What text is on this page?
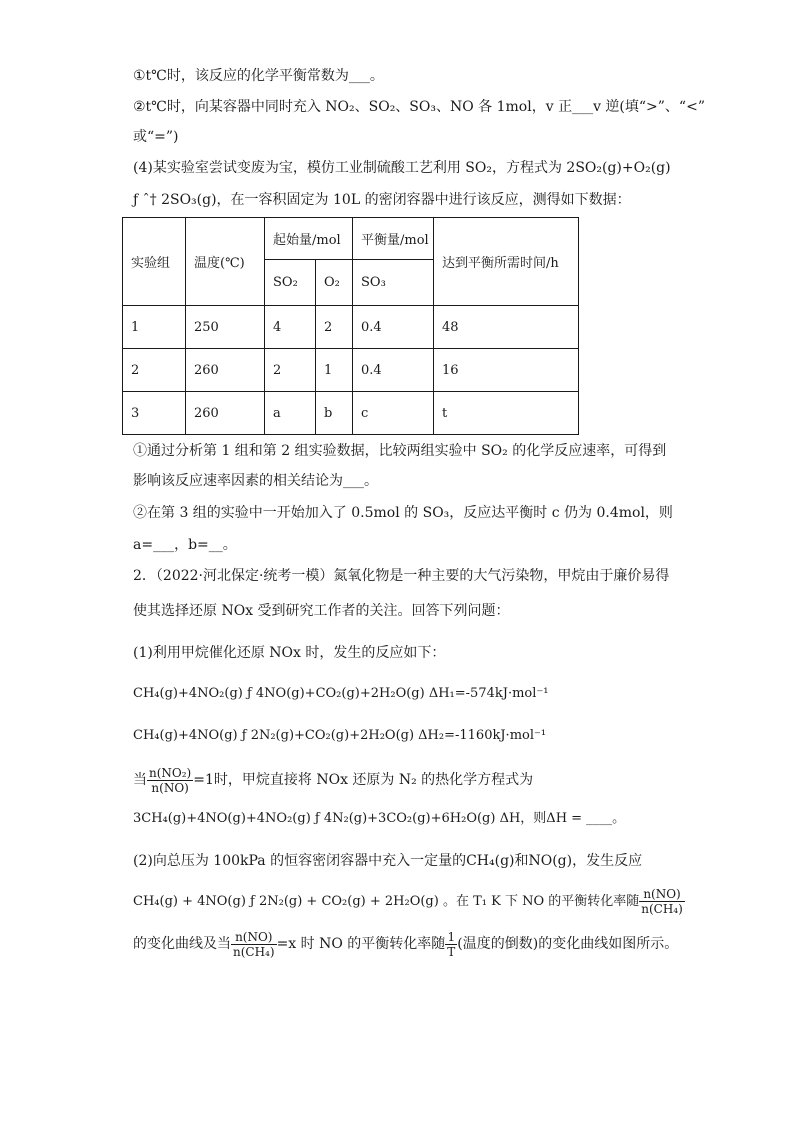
①t℃时，该反应的化学平衡常数为___。
②t℃时，向某容器中同时充入 NO₂、SO₂、SO₃、NO 各 1mol，v 正___v 逆(填“>”、“<”
或“=”)
(4)某实验室尝试变废为宝，模仿工业制硫酸工艺利用 SO₂，方程式为 2SO₂(g)+O₂(g)
ƒ ˆ† 2SO₃(g)，在一容积固定为 10L 的密闭容器中进行该反应，测得如下数据：
实验组	温度(℃)	起始量/mol		平衡量/mol	达到平衡所需时间/h
		SO₂	O₂	SO₃	
1	250	4	2	0.4	48
2	260	2	1	0.4	16
3	260	a	b	c	t
①通过分析第 1 组和第 2 组实验数据，比较两组实验中 SO₂ 的化学反应速率，可得到
影响该反应速率因素的相关结论为___。
②在第 3 组的实验中一开始加入了 0.5mol 的 SO₃，反应达平衡时 c 仍为 0.4mol，则
a=___，b=__。
2．（2022·河北保定·统考一模）氮氧化物是一种主要的大气污染物，甲烷由于廉价易得
使其选择还原 NOx 受到研究工作者的关注。回答下列问题：
(1)利用甲烷催化还原 NOx 时，发生的反应如下：
CH₄(g)+4NO₂(g) ƒ 4NO(g)+CO₂(g)+2H₂O(g) ΔH₁=-574kJ·mol⁻¹
CH₄(g)+4NO(g) ƒ 2N₂(g)+CO₂(g)+2H₂O(g) ΔH₂=-1160kJ·mol⁻¹
当 $\frac{\text{n(NO₂)}}{n(NO)} =1$时，甲烷直接将 NOx 还原为 N₂ 的热化学方程式为
3CH₄(g)+4NO(g)+4NO₂(g) ƒ 4N₂(g)+3CO₂(g)+6H₂O(g) ΔH，则ΔH = ____。
(2)向总压为 100kPa 的恒容密闭容器中充入一定量的CH₄(g)和NO(g)，发生反应
CH₄(g) + 4NO(g) ƒ 2N₂(g) + CO₂(g) + 2H₂O(g) 。在 T₁ K 下 NO 的平衡转化率随 $\frac{n(NO)}{\text{n(CH₄)}}$
的变化曲线及当 $\frac{n(NO)}{\text{n(CH₄)}} =x$ 时 NO 的平衡转化率随 $\frac{1}{T}$ (温度的倒数)的变化曲线如图所示。
